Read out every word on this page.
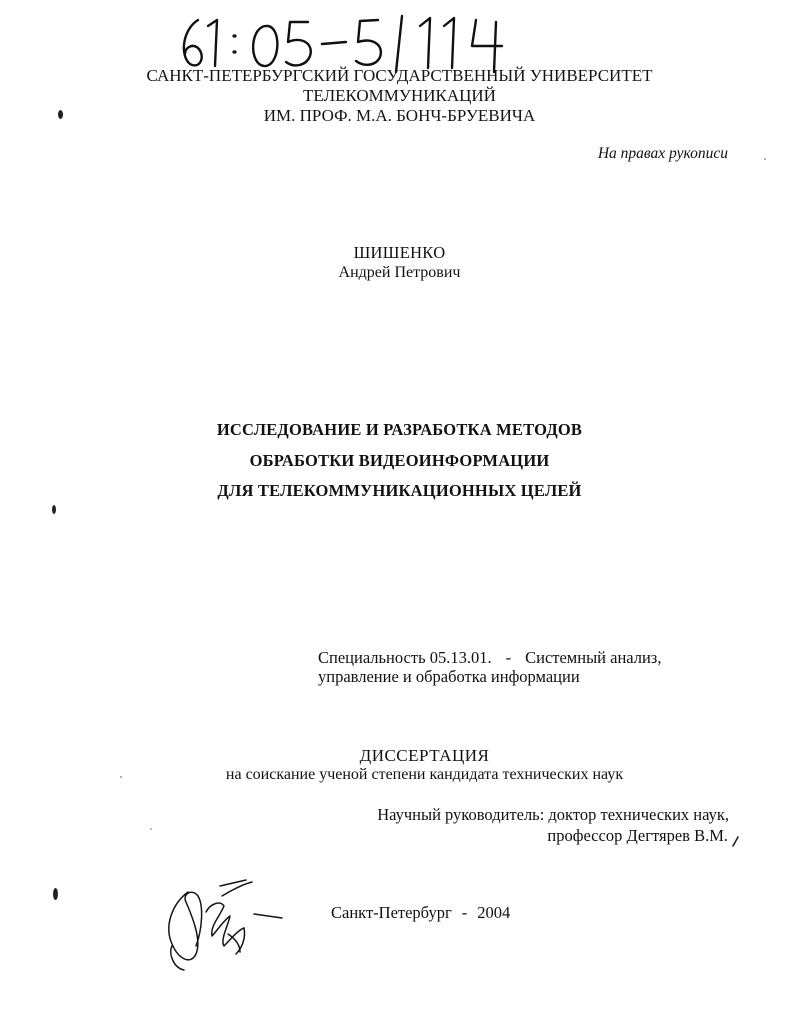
САНКТ-ПЕТЕРБУРГСКИЙ ГОСУДАРСТВЕННЫЙ УНИВЕРСИТЕТ
ТЕЛЕКОММУНИКАЦИЙ
ИМ. ПРОФ. М.А. БОНЧ-БРУЕВИЧА
На правах рукописи
ШИШЕНКО
Андрей Петрович
ИССЛЕДОВАНИЕ И РАЗРАБОТКА МЕТОДОВ
ОБРАБОТКИ ВИДЕОИНФОРМАЦИИ
ДЛЯ ТЕЛЕКОММУНИКАЦИОННЫХ ЦЕЛЕЙ
Специальность 05.13.01. - Системный анализ,
управление и обработка информации
ДИССЕРТАЦИЯ
на соискание ученой степени кандидата технических наук
Научный руководитель: доктор технических наук,
профессор Дегтярев В.М.
Санкт-Петербург - 2004
